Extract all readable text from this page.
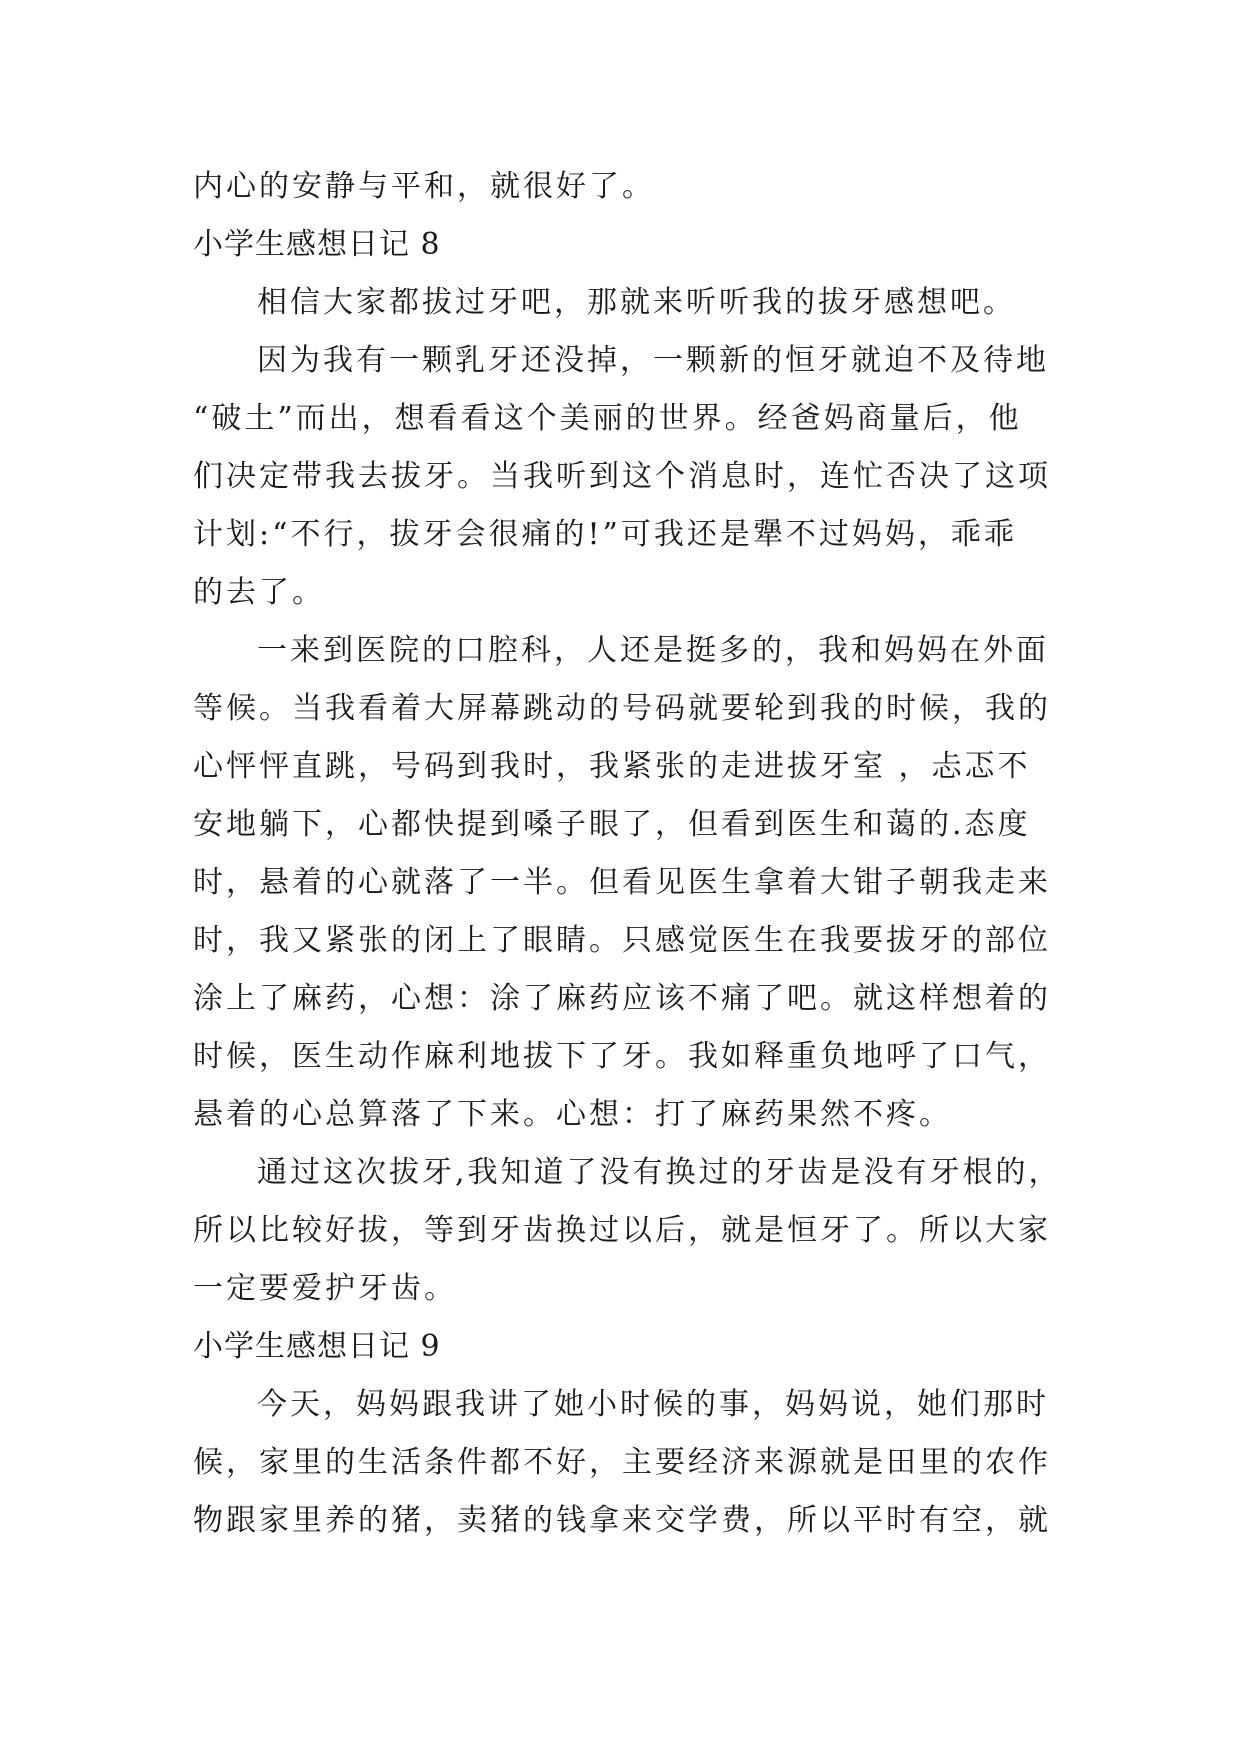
内心的安静与平和，就很好了。
小学生感想日记 8
相信大家都拔过牙吧，那就来听听我的拔牙感想吧。
因为我有一颗乳牙还没掉，一颗新的恒牙就迫不及待地
“破土”而出，想看看这个美丽的世界。经爸妈商量后，他
们决定带我去拔牙。当我听到这个消息时，连忙否决了这项
计划:“不行，拔牙会很痛的!”可我还是犟不过妈妈，乖乖
的去了。
一来到医院的口腔科，人还是挺多的，我和妈妈在外面
等候。当我看着大屏幕跳动的号码就要轮到我的时候，我的
心怦怦直跳，号码到我时，我紧张的走进拔牙室 ，忐忑不
安地躺下，心都快提到嗓子眼了，但看到医生和蔼的.态度
时，悬着的心就落了一半。但看见医生拿着大钳子朝我走来
时，我又紧张的闭上了眼睛。只感觉医生在我要拔牙的部位
涂上了麻药，心想：涂了麻药应该不痛了吧。就这样想着的
时候，医生动作麻利地拔下了牙。我如释重负地呼了口气，
悬着的心总算落了下来。心想：打了麻药果然不疼。
通过这次拔牙,我知道了没有换过的牙齿是没有牙根的，
所以比较好拔，等到牙齿换过以后，就是恒牙了。所以大家
一定要爱护牙齿。
小学生感想日记 9
今天，妈妈跟我讲了她小时候的事，妈妈说，她们那时
候，家里的生活条件都不好，主要经济来源就是田里的农作
物跟家里养的猪，卖猪的钱拿来交学费，所以平时有空，就
